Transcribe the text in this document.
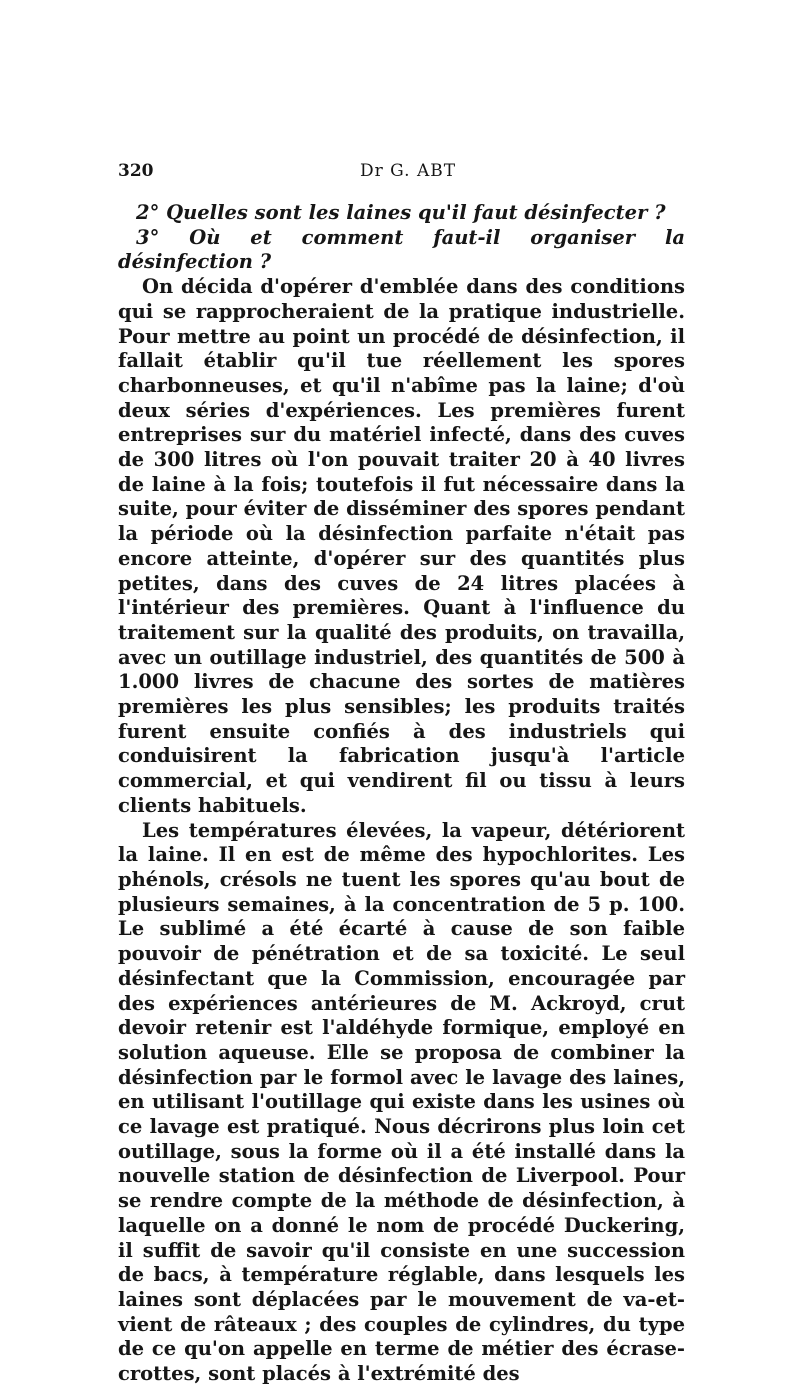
320	Dr G. ABT

2° Quelles sont les laines qu'il faut désinfecter ?

3° Où et comment faut-il organiser la désinfection ?

On décida d'opérer d'emblée dans des conditions qui se rapprocheraient de la pratique industrielle. Pour mettre au point un procédé de désinfection, il fallait établir qu'il tue réellement les spores charbonneuses, et qu'il n'abîme pas la laine; d'où deux séries d'expériences. Les premières furent entreprises sur du matériel infecté, dans des cuves de 300 litres où l'on pouvait traiter 20 à 40 livres de laine à la fois; toutefois il fut nécessaire dans la suite, pour éviter de disséminer des spores pendant la période où la désinfection parfaite n'était pas encore atteinte, d'opérer sur des quantités plus petites, dans des cuves de 24 litres placées à l'intérieur des premières. Quant à l'influence du traitement sur la qualité des produits, on travailla, avec un outillage industriel, des quantités de 500 à 1.000 livres de chacune des sortes de matières premières les plus sensibles; les produits traités furent ensuite confiés à des industriels qui conduisirent la fabrication jusqu'à l'article commercial, et qui vendirent fil ou tissu à leurs clients habituels.

Les températures élevées, la vapeur, détériorent la laine. Il en est de même des hypochlorites. Les phénols, crésols ne tuent les spores qu'au bout de plusieurs semaines, à la concentration de 5 p. 100. Le sublimé a été écarté à cause de son faible pouvoir de pénétration et de sa toxicité. Le seul désinfectant que la Commission, encouragée par des expériences antérieures de M. Ackroyd, crut devoir retenir est l'aldéhyde formique, employé en solution aqueuse. Elle se proposa de combiner la désinfection par le formol avec le lavage des laines, en utilisant l'outillage qui existe dans les usines où ce lavage est pratiqué. Nous décrirons plus loin cet outillage, sous la forme où il a été installé dans la nouvelle station de désinfection de Liverpool. Pour se rendre compte de la méthode de désinfection, à laquelle on a donné le nom de procédé Duckering, il suffit de savoir qu'il consiste en une succession de bacs, à température réglable, dans lesquels les laines sont déplacées par le mouvement de va-et-vient de râteaux ; des couples de cylindres, du type de ce qu'on appelle en terme de métier des écrase-crottes, sont placés à l'extrémité des
